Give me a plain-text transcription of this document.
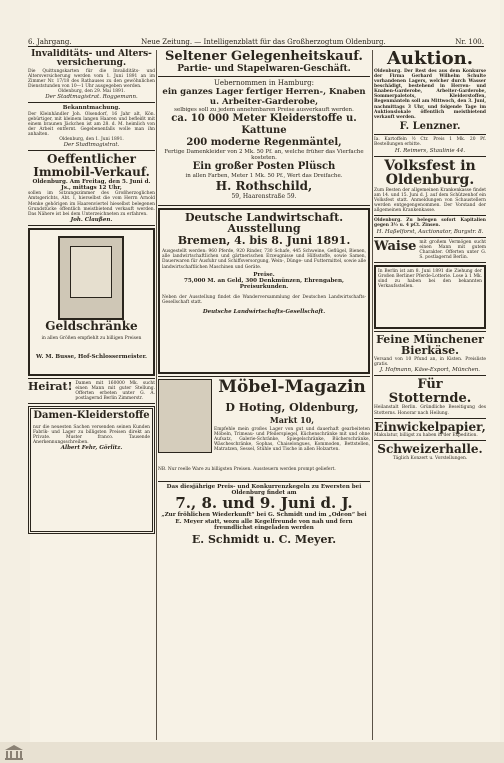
6. Jahrgang.	Neue Zeitung. — Intelligenzblatt für das Großherzogtum Oldenburg.	Nr. 100.
Invaliditäts- und Alters-versicherung.
Die Quittungskarten für die Invaliditäts- und Altersversicherung werden vom 1. Juni 1891 an im Zimmer Nr. 17/18 des Rathauses zu den gewöhnlichen Dienststunden von 10—1 Uhr ausgegeben werden.
Oldenburg, den 29. Mai 1891.
Der Stadtmagistrat. Roggemann.
Bekanntmachung.
Der Kleinhändler Joh. Olsendorf, 16 Jahr alt, Kön. gebürtiger, mit kleinem langen Haaren und befleißt mit einem braunen Jäckchen ist am 28. d. M. heimlich von der Arbeit entfernt. Gegebenenfalls wolle man ihn anhalten.
Oldenburg, den 1. Juni 1891.
Der Stadtmagistrat.
Oeffentlicher Immobil-Verkauf.
Oldenburg. Am Freitag, den 5. Juni d. Js., mittags 12 Uhr,
sollen im Sitzungszimmer des Großherzoglichen Amtsgerichts, Abt. I, hierselbst die vom Herrn Arnold Menke gehörigen im Haarenviertel hieselbst belegenen Grundstücke öffentlich meistbietend verkauft werden. Das Nähere ist bei dem Unterzeichneten zu erfahren.
Joh. Claußen.
Geldschränke
in allen Größen empfiehlt zu billigen Preisen
W. M. Busse, Hof-Schlossermeister.
Heirat! Damen mit 160000 Mk. sucht einen Mann mit guter Stellung. Offerten erbeten unter G. A. postlagernd Berlin Zimmerstr.
Damen-Kleiderstoffe
nur die neuesten Sachen versenden seinen Kunden Fabrik- und Lager zu billigsten Preisen direkt an Private. Muster franco. Tausende Anerkennungsschreiben.
Albert Fehr, Görlitz.
Seltener Gelegenheitskauf.
Partie- und Stapelwaren-Geschäft.
Uebernommen in Hamburg:
ein ganzes Lager fertiger Herren-, Knaben u. Arbeiter-Garderobe,
selbiges soll zu jedem annehmbaren Preise ausverkauft werden.
ca. 10 000 Meter Kleiderstoffe u. Kattune
200 moderne Regenmäntel,
Fertige Damenkleider von 2 Mk. 50 Pf. an, welche früher das Vierfache kosteten.
Ein großer Posten Plüsch
in allen Farben, Meter 1 Mk. 50 Pf., Wert das Dreifache.
H. Rothschild,
59, Haarenstraße 59.
Deutsche Landwirtschaft. Ausstellung
Bremen, 4. bis 8. Juni 1891.
Ausgestellt werden: 960 Pferde, 920 Rinder, 730 Schafe, 445 Schweine, Geflügel, Bienen, alle landwirtschaftlichen und gärtnerischen Erzeugnisse und Hilfsstoffe, sowie Samen, Dauerwaren für Ausfuhr und Schiffsversorgung, Wein-, Dünge- und Futtermittel, sowie alle landwirtschaftlichen Maschinen und Geräte.
Preise.
75,000 M. an Geld, 300 Denkmünzen, Ehrengaben, Preisurkunden.
Neben der Ausstellung findet die Wanderversammlung der Deutschen Landwirtschafts-Gesellschaft statt.
Deutsche Landwirtschafts-Gesellschaft.
Möbel-Magazin
D Hoting, Oldenburg,
Markt 10,
Empfehle mein großes Lager von gut und dauerhaft gearbeiteten Möbeln, Trimeau- und Pfeilerspiegel, Küchenschränke mit und ohne Aufsatz, Galerie-Schränke, Spiegelschränke, Bücherschränke, Wäscheschränke, Sophas, Chaiselongues, Kommoden, Bettstellen, Matratzen, Sessel, Stühle und Tische in allen Holzarten.
NB. Nur reelle Ware zu billigsten Preisen. Aussteuern werden prompt geliefert.
Das diesjährige Preis- und Konkurrenzkegeln zu Ewersten bei Oldenburg findet am
7., 8. und 9. Juni d. J.
„Zur fröhlichen Wiederkunft“ bei G. Schmidt und im „Odeon“ bei E. Meyer statt, wozu alle Kegelfreunde von nah und fern freundlichst eingeladen werden
E. Schmidt u. C. Meyer.
Auktion.
Oldenburg. Der Rest des aus dem Konkurse der Firma Gerhard Wilhelm Schulte vorhandenen Lagers, welcher durch Wasser beschädigt, bestehend in Herren- und Knaben-Garderobe, Arbeiter-Garderobe, Sommerpaletots, Kleiderstoffen, Regenmänteln soll am Mittwoch, den 3. Juni, nachmittags 3 Uhr, und folgende Tage im Auktionslokale öffentlich meistbietend verkauft werden.
F. Lenzner.
Ia. Kartoffeln ½ Ctr. Preis 1 Mk. 20 Pf. Bestellungen erbitte.
H. Reimers, Staulinie 44.
Volksfest in Oldenburg.
Zum Besten der allgemeinen Krankenkasse findet am 14. und 15. Juni d. J. auf dem Schützenhof ein Volksfest statt. Anmeldungen von Schaustellern werden entgegengenommen. Der Vorstand der allgemeinen Krankenkasse.
Oldenburg. Zu belegen sofort Kapitalien gegen 3½ u. 4 pCt. Zinsen.
H. Haßelforst, Auctionator, Burgstr. 8.
Waise mit großem Vermögen sucht einen Mann mit gutem Charakter. Offerten unter G. S. postlagernd Berlin.
In Berlin ist am 8. Juni 1891 die Ziehung der Großen Berliner Pferde-Lotterie. Lose à 1 Mk. sind zu haben bei den bekannten Verkaufsstellen.
Feine Münchener Bierkäse.
Versand von 10 Pfund an, in Kisten. Preisliste gratis.
J. Hofmann, Käse-Export, München.
Für Stotternde.
Heilanstalt Berlin. Gründliche Beseitigung des Stotterns. Honorar nach Heilung.
Einwickelpapier,
Makulatur, billigst zu haben in der Expedition.
Schweizerhalle.
Täglich Konzert u. Vorstellungen.
